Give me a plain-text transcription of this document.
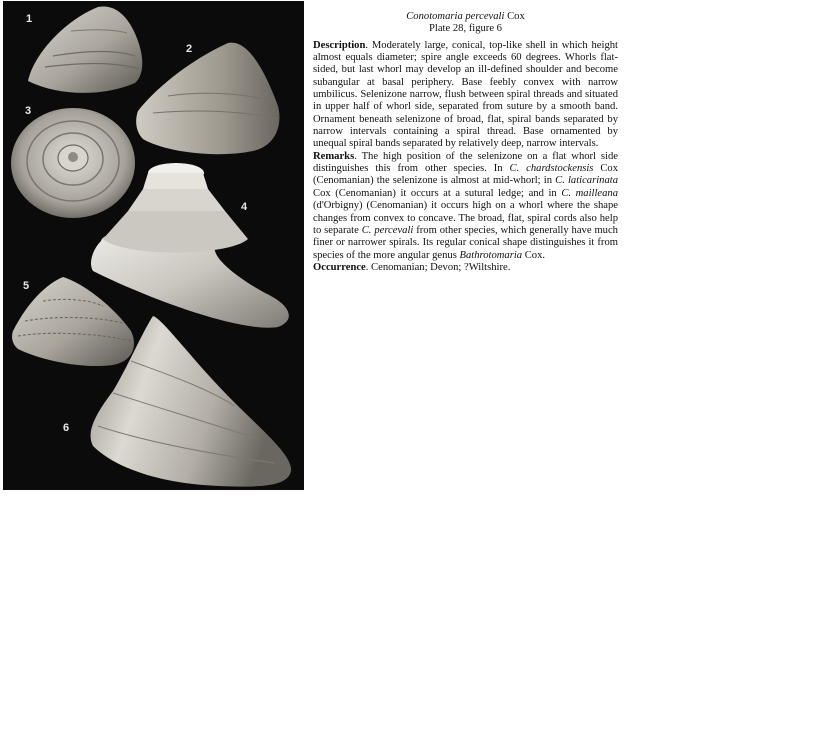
1
2
3
4
5
6
Conotomaria percevali Cox
Plate 28, figure 6

Description. Moderately large, conical, top-like shell in which height almost equals diameter; spire angle exceeds 60 degrees. Whorls flat-sided, but last whorl may develop an ill-defined shoulder and become subangular at basal periphery. Base feebly convex with narrow umbilicus. Selenizone narrow, flush between spiral threads and situated in upper half of whorl side, separated from suture by a smooth band. Ornament beneath selenizone of broad, flat, spiral bands separated by narrow intervals containing a spiral thread. Base ornamented by unequal spiral bands separated by relatively deep, narrow intervals.

Remarks. The high position of the selenizone on a flat whorl side distinguishes this from other species. In C. chardstockensis Cox (Cenomanian) the selenizone is almost at mid-whorl; in C. laticarinata Cox (Cenomanian) it occurs at a sutural ledge; and in C. mailleana (d'Orbigny) (Cenomanian) it occurs high on a whorl where the shape changes from convex to concave. The broad, flat, spiral cords also help to separate C. percevali from other species, which generally have much finer or narrower spirals. Its regular conical shape distinguishes it from species of the more angular genus Bathrotomaria Cox.

Occurrence. Cenomanian; Devon; ?Wiltshire.
